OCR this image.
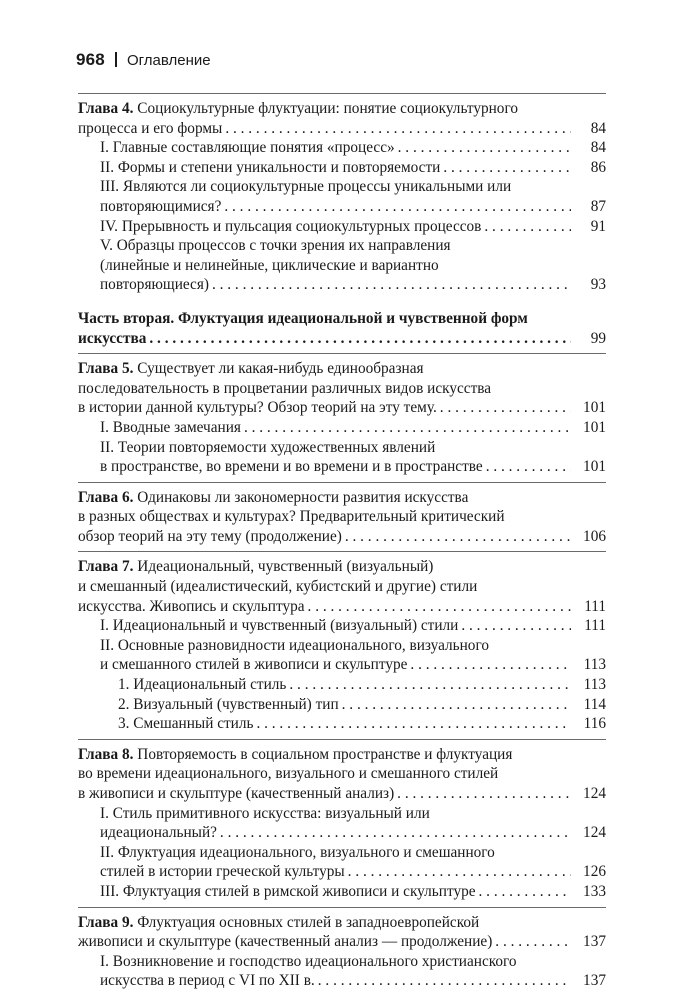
968 Оглавление
Глава 4. Социокультурные флуктуации: понятие социокультурного
процесса и его формы . . .	84
I. Главные составляющие понятия «процесс» . . .	84
II. Формы и степени уникальности и повторяемости . . .	86
III. Являются ли социокультурные процессы уникальными или
повторяющимися? . . .	87
IV. Прерывность и пульсация социокультурных процессов . . .	91
V. Образцы процессов с точки зрения их направления
(линейные и нелинейные, циклические и вариантно
повторяющиеся) . . .	93
Часть вторая. Флуктуация идеациональной и чувственной форм
искусства . . .	99
Глава 5. Существует ли какая-нибудь единообразная
последовательность в процветании различных видов искусства
в истории данной культуры? Обзор теорий на эту тему. . . .	101
I. Вводные замечания . . .	101
II. Теории повторяемости художественных явлений
в пространстве, во времени и во времени и в пространстве . . .	101
Глава 6. Одинаковы ли закономерности развития искусства
в разных обществах и культурах? Предварительный критический
обзор теорий на эту тему (продолжение) . . .	106
Глава 7. Идеациональный, чувственный (визуальный)
и смешанный (идеалистический, кубистский и другие) стили
искусства. Живопись и скульптура . . .	111
I. Идеациональный и чувственный (визуальный) стили . . .	111
II. Основные разновидности идеационального, визуального
и смешанного стилей в живописи и скульптуре . . .	113
1. Идеациональный стиль . . .	113
2. Визуальный (чувственный) тип . . .	114
3. Смешанный стиль . . .	116
Глава 8. Повторяемость в социальном пространстве и флуктуация
во времени идеационального, визуального и смешанного стилей
в живописи и скульптуре (качественный анализ) . . .	124
I. Стиль примитивного искусства: визуальный или
идеациональный? . . .	124
II. Флуктуация идеационального, визуального и смешанного
стилей в истории греческой культуры . . .	126
III. Флуктуация стилей в римской живописи и скульптуре . . .	133
Глава 9. Флуктуация основных стилей в западноевропейской
живописи и скульптуре (качественный анализ — продолжение) . . .	137
I. Возникновение и господство идеационального христианского
искусства в период с VI по XII в. . . .	137
